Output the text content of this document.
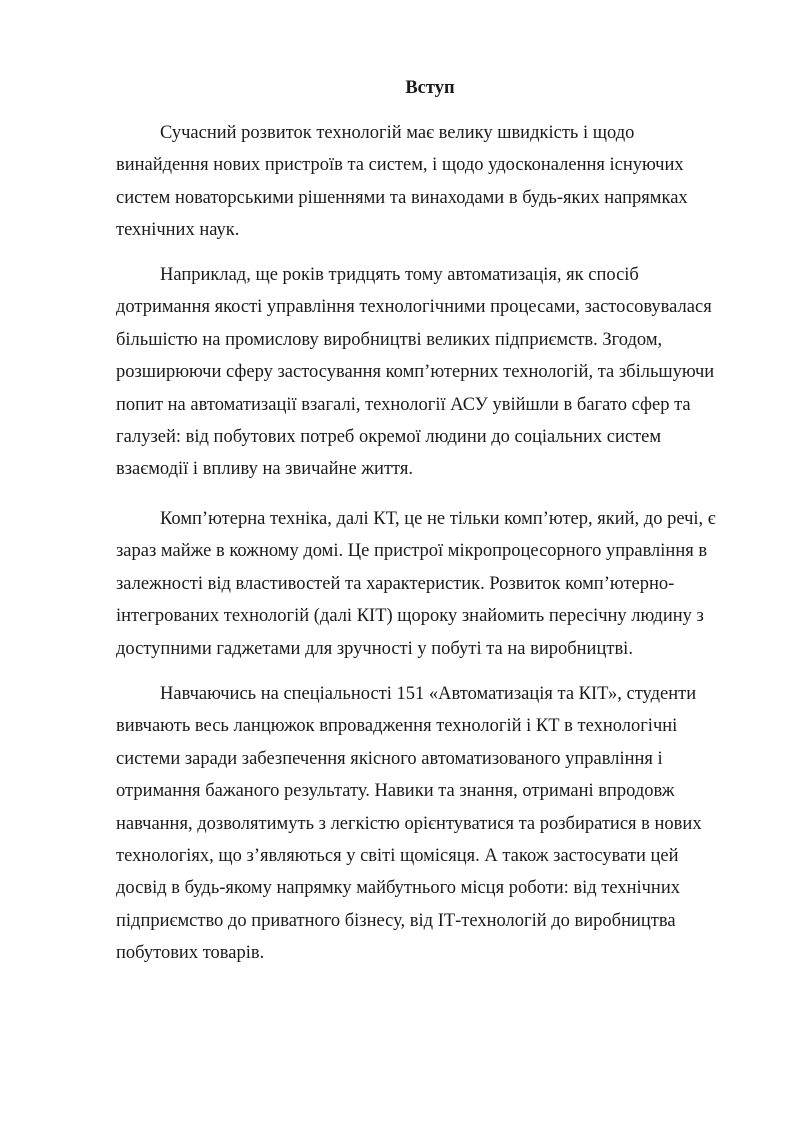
Вступ

Сучасний розвиток технологій має велику швидкість і щодо
винайдення нових пристроїв та систем, і щодо удосконалення існуючих
систем новаторськими рішеннями та винаходами в будь-яких напрямках
технічних наук.

Наприклад, ще років тридцять тому автоматизація, як спосіб
дотримання якості управління технологічними процесами, застосовувалася
більшістю на промислову виробництві великих підприємств. Згодом,
розширюючи сферу застосування комп’ютерних технологій, та збільшуючи
попит на автоматизації взагалі, технології АСУ увійшли в багато сфер та
галузей: від побутових потреб окремої людини до соціальних систем
взаємодії і впливу на звичайне життя.

Комп’ютерна техніка, далі КТ, це не тільки комп’ютер, який, до речі, є
зараз майже в кожному домі. Це пристрої мікропроцесорного управління в
залежності від властивостей та характеристик. Розвиток комп’ютерно-
інтегрованих технологій (далі КІТ) щороку знайомить пересічну людину з
доступними гаджетами для зручності у побуті та на виробництві.

Навчаючись на спеціальності 151 «Автоматизація та КІТ», студенти
вивчають весь ланцюжок впровадження технологій і КТ в технологічні
системи заради забезпечення якісного автоматизованого управління і
отримання бажаного результату. Навики та знання, отримані впродовж
навчання, дозволятимуть з легкістю орієнтуватися та розбиратися в нових
технологіях, що з’являються у світі щомісяця. А також застосувати цей
досвід в будь-якому напрямку майбутнього місця роботи: від технічних
підприємство до приватного бізнесу, від ІТ-технологій до виробництва
побутових товарів.
